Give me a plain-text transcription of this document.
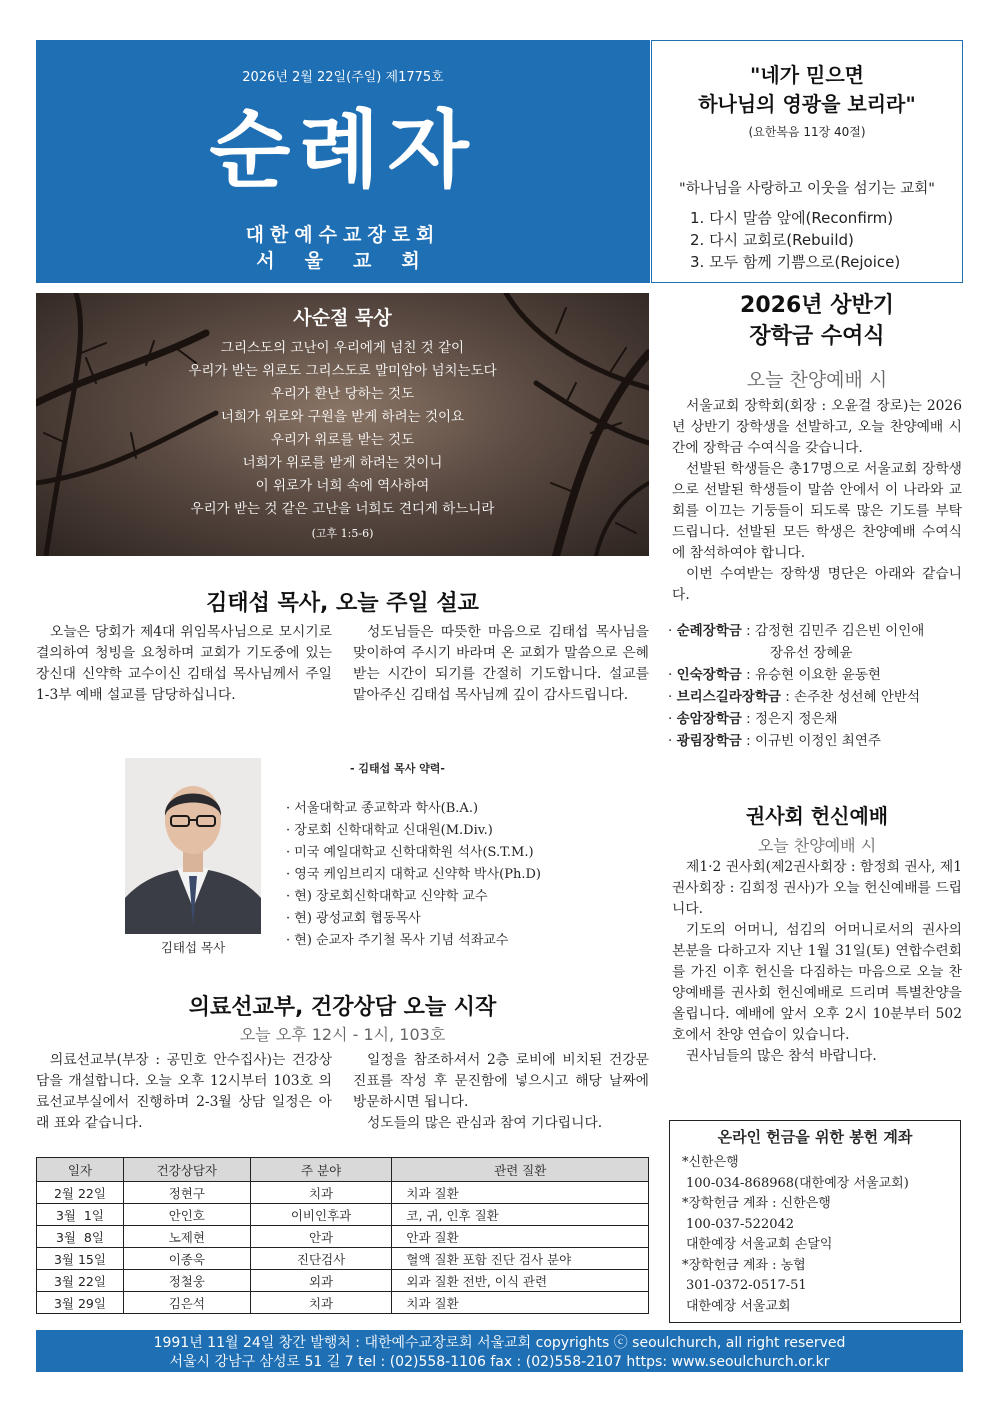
2026년 2월 22일(주일) 제1775호
순례자
대한예수교장로회
서울교회
"네가 믿으면
하나님의 영광을 보리라"
(요한복음 11장 40절)
"하나님을 사랑하고 이웃을 섬기는 교회"
1. 다시 말씀 앞에(Reconfirm)
2. 다시 교회로(Rebuild)
3. 모두 함께 기쁨으로(Rejoice)
사순절 묵상
그리스도의 고난이 우리에게 넘친 것 같이
우리가 받는 위로도 그리스도로 말미암아 넘치는도다
우리가 환난 당하는 것도
너희가 위로와 구원을 받게 하려는 것이요
우리가 위로를 받는 것도
너희가 위로를 받게 하려는 것이니
이 위로가 너희 속에 역사하여
우리가 받는 것 같은 고난을 너희도 견디게 하느니라
(고후 1:5-6)
김태섭 목사, 오늘 주일 설교

오늘은 당회가 제4대 위임목사님으로 모시기로 결의하여 청빙을 요청하며 교회가 기도중에 있는 장신대 신약학 교수이신 김태섭 목사님께서 주일 1-3부 예배 설교를 담당하십니다.

성도님들은 따뜻한 마음으로 김태섭 목사님을 맞이하여 주시기 바라며 온 교회가 말씀으로 은혜받는 시간이 되기를 간절히 기도합니다. 설교를 맡아주신 김태섭 목사님께 깊이 감사드립니다.

김태섭 목사
- 김태섭 목사 약력-
· 서울대학교 종교학과 학사(B.A.)
· 장로회 신학대학교 신대원(M.Div.)
· 미국 예일대학교 신학대학원 석사(S.T.M.)
· 영국 케임브리지 대학교 신약학 박사(Ph.D)
· 현) 장로회신학대학교 신약학 교수
· 현) 광성교회 협동목사
· 현) 순교자 주기철 목사 기념 석좌교수
의료선교부, 건강상담 오늘 시작
오늘 오후 12시 - 1시, 103호

의료선교부(부장 : 공민호 안수집사)는 건강상담을 개설합니다. 오늘 오후 12시부터 103호 의료선교부실에서 진행하며 2-3월 상담 일정은 아래 표와 같습니다.

일정을 참조하셔서 2층 로비에 비치된 건강문진표를 작성 후 문진함에 넣으시고 해당 날짜에 방문하시면 됩니다.

성도들의 많은 관심과 참여 기다립니다.

일자	건강상담자	주 분야	관련 질환
2월 22일	정현구	치과	치과 질환
3월  1일	안인호	이비인후과	코, 귀, 인후 질환
3월  8일	노제현	안과	안과 질환
3월 15일	이종욱	진단검사	혈액 질환 포함 진단 검사 분야
3월 22일	정철웅	외과	외과 질환 전반, 이식 관련
3월 29일	김은석	치과	치과 질환
2026년 상반기
장학금 수여식
오늘 찬양예배 시

서울교회 장학회(회장 : 오윤걸 장로)는 2026년 상반기 장학생을 선발하고, 오늘 찬양예배 시간에 장학금 수여식을 갖습니다.

선발된 학생들은 총17명으로 서울교회 장학생으로 선발된 학생들이 말씀 안에서 이 나라와 교회를 이끄는 기둥들이 되도록 많은 기도를 부탁드립니다. 선발된 모든 학생은 찬양예배 수여식에 참석하여야 합니다.

이번 수여받는 장학생 명단은 아래와 같습니다.

· 순례장학금 : 감정현 김민주 김은빈 이인애
장유선 장혜윤
· 인숙장학금 : 유승현 이요한 윤동현
· 브리스길라장학금 : 손주찬 성선혜 안반석
· 송암장학금 : 정은지 정은채
· 광림장학금 : 이규빈 이정인 최연주
권사회 헌신예배
오늘 찬양예배 시

제1·2 권사회(제2권사회장 : 함정희 권사, 제1권사회장 : 김희정 권사)가 오늘 헌신예배를 드립니다.

기도의 어머니, 섬김의 어머니로서의 권사의 본분을 다하고자 지난 1월 31일(토) 연합수련회를 가진 이후 헌신을 다짐하는 마음으로 오늘 찬양예배를 권사회 헌신예배로 드리며 특별찬양을 올립니다. 예배에 앞서 오후 2시 10분부터 502호에서 찬양 연습이 있습니다.

권사님들의 많은 참석 바랍니다.

온라인 헌금을 위한 봉헌 계좌
*신한은행
100-034-868968(대한예장 서울교회)
*장학헌금 계좌 : 신한은행
100-037-522042
대한예장 서울교회 손달익
*장학헌금 계좌 : 농협
301-0372-0517-51
대한예장 서울교회
1991년 11월 24일 창간 발행처 : 대한예수교장로회 서울교회 copyrights ⓒ seoulchurch, all right reserved
서울시 강남구 삼성로 51 길 7 tel : (02)558-1106 fax : (02)558-2107 https: www.seoulchurch.or.kr
